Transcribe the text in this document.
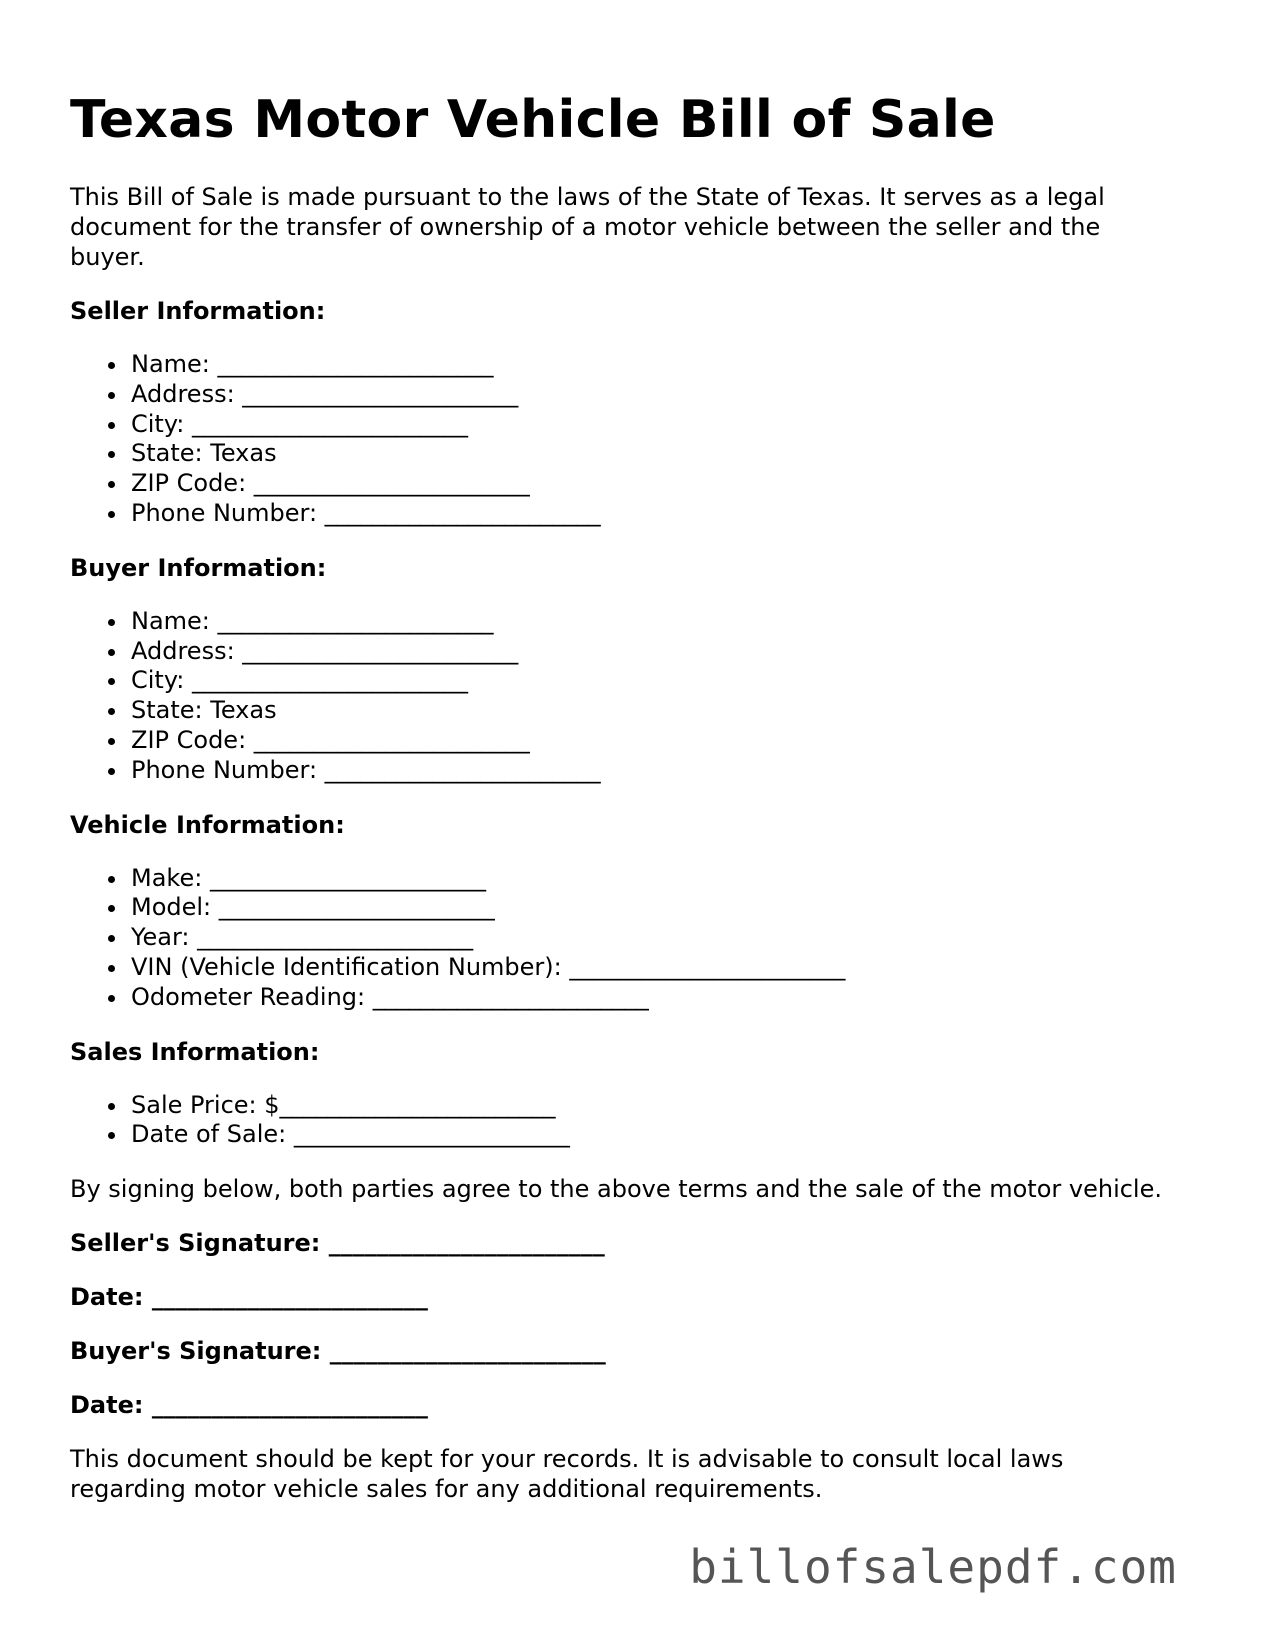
Texas Motor Vehicle Bill of Sale

This Bill of Sale is made pursuant to the laws of the State of Texas. It serves as a legal document for the transfer of ownership of a motor vehicle between the seller and the buyer.

Seller Information:
Name: _______________________
Address: _______________________
City: _______________________
State: Texas
ZIP Code: _______________________
Phone Number: _______________________
Buyer Information:
Name: _______________________
Address: _______________________
City: _______________________
State: Texas
ZIP Code: _______________________
Phone Number: _______________________
Vehicle Information:
Make: _______________________
Model: _______________________
Year: _______________________
VIN (Vehicle Identification Number): _______________________
Odometer Reading: _______________________
Sales Information:
Sale Price: $_______________________
Date of Sale: _______________________

By signing below, both parties agree to the above terms and the sale of the motor vehicle.

Seller's Signature: _______________________

Date: _______________________

Buyer's Signature: _______________________

Date: _______________________

This document should be kept for your records. It is advisable to consult local laws regarding motor vehicle sales for any additional requirements.

billofsalepdf.com
